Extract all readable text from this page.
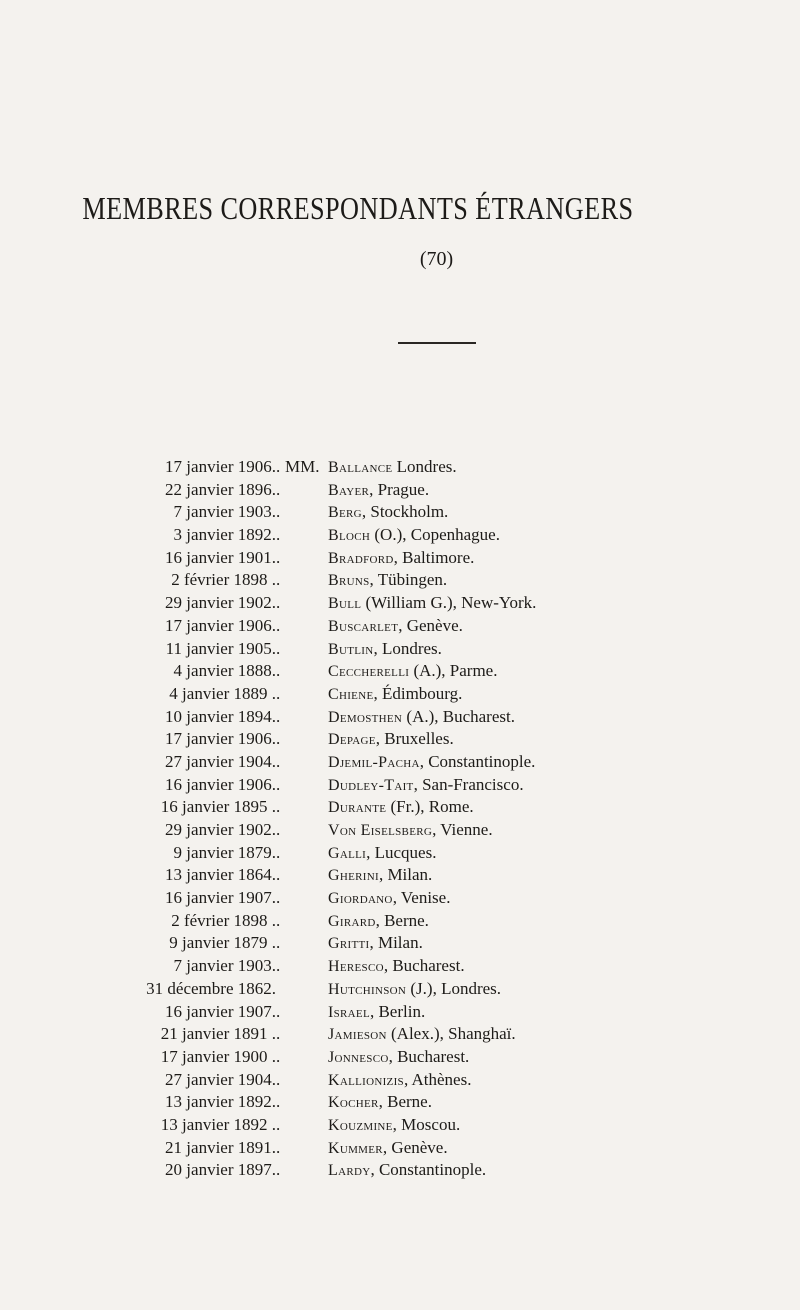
MEMBRES CORRESPONDANTS ÉTRANGERS
(70)
17 janvier 1906. . MM. Ballance Londres.
22 janvier 1896. .	Bayer, Prague.
7 janvier 1903. .	Berg, Stockholm.
3 janvier 1892. .	Bloch (O.), Copenhague.
16 janvier 1901. .	Bradford, Baltimore.
2 février 1898 . .	Bruns, Tübingen.
29 janvier 1902. .	Bull (William G.), New-York.
17 janvier 1906. .	Buscarlet, Genève.
11 janvier 1905. .	Butlin, Londres.
4 janvier 1888. .	Ceccherelli (A.), Parme.
4 janvier 1889 . .	Chiene, Édimbourg.
10 janvier 1894. .	Demosthen (A.), Bucharest.
17 janvier 1906. .	Depage, Bruxelles.
27 janvier 1904. .	Djemil-Pacha, Constantinople.
16 janvier 1906. .	Dudley-Tait, San-Francisco.
16 janvier 1895 . .	Durante (Fr.), Rome.
29 janvier 1902. .	Von Eiselsberg, Vienne.
9 janvier 1879. .	Galli, Lucques.
13 janvier 1864. .	Gherini, Milan.
16 janvier 1907. .	Giordano, Venise.
2 février 1898 . .	Girard, Berne.
9 janvier 1879 . .	Gritti, Milan.
7 janvier 1903. .	Heresco, Bucharest.
31 décembre 1862.	Hutchinson (J.), Londres.
16 janvier 1907. .	Israel, Berlin.
21 janvier 1891 . .	Jamieson (Alex.), Shanghaï.
17 janvier 1900 . .	Jonnesco, Bucharest.
27 janvier 1904. .	Kallionizis, Athènes.
13 janvier 1892. .	Kocher, Berne.
13 janvier 1892 . .	Kouzmine, Moscou.
21 janvier 1891. .	Kummer, Genève.
20 janvier 1897. .	Lardy, Constantinople.
